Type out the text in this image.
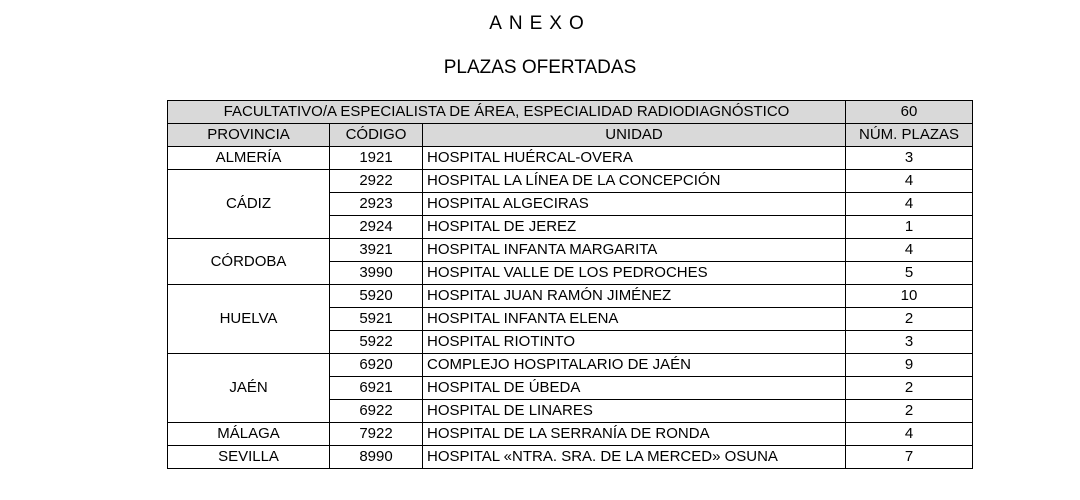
ANEXO
PLAZAS OFERTADAS
FACULTATIVO/A ESPECIALISTA DE ÁREA, ESPECIALIDAD RADIODIAGNÓSTICO			60
PROVINCIA	CÓDIGO	UNIDAD	NÚM. PLAZAS
ALMERÍA	1921	HOSPITAL HUÉRCAL-OVERA	3
CÁDIZ	2922	HOSPITAL LA LÍNEA DE LA CONCEPCIÓN	4
	2923	HOSPITAL ALGECIRAS	4
	2924	HOSPITAL DE JEREZ	1
CÓRDOBA	3921	HOSPITAL INFANTA MARGARITA	4
	3990	HOSPITAL VALLE DE LOS PEDROCHES	5
HUELVA	5920	HOSPITAL JUAN RAMÓN JIMÉNEZ	10
	5921	HOSPITAL INFANTA ELENA	2
	5922	HOSPITAL RIOTINTO	3
JAÉN	6920	COMPLEJO HOSPITALARIO DE JAÉN	9
	6921	HOSPITAL DE ÚBEDA	2
	6922	HOSPITAL DE LINARES	2
MÁLAGA	7922	HOSPITAL DE LA SERRANÍA DE RONDA	4
SEVILLA	8990	HOSPITAL «NTRA. SRA. DE LA MERCED» OSUNA	7
